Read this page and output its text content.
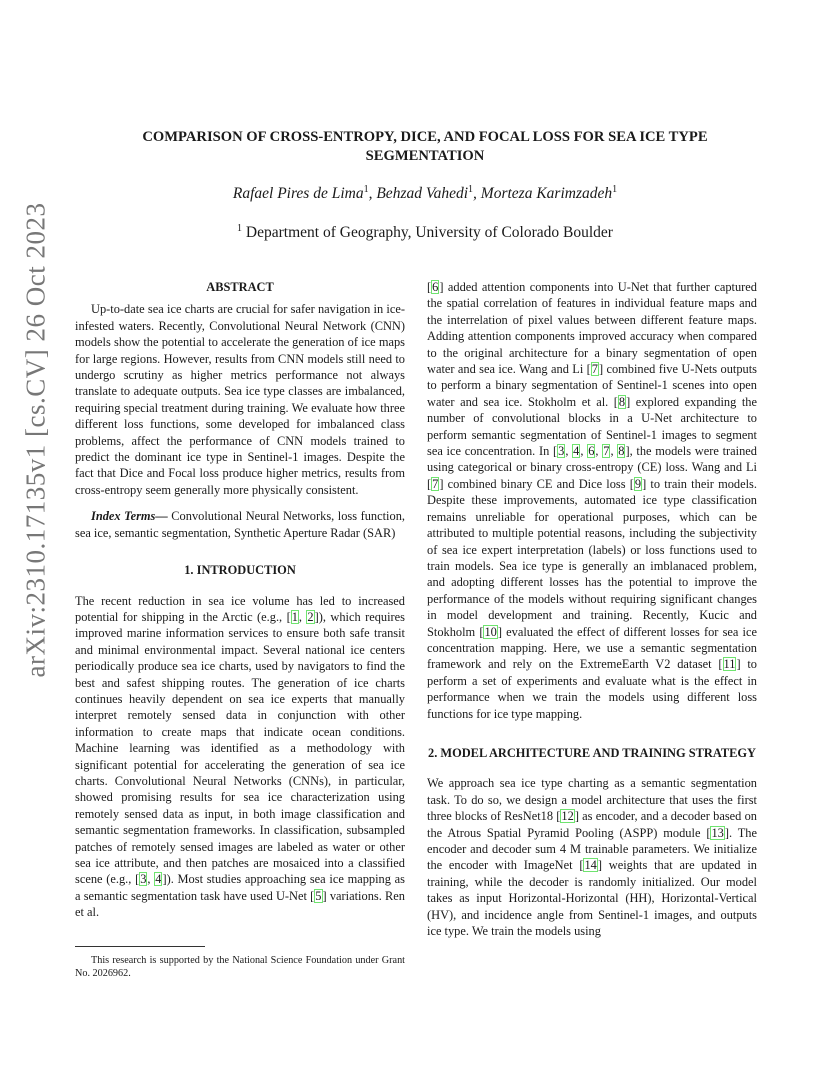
arXiv:2310.17135v1 [cs.CV] 26 Oct 2023
COMPARISON OF CROSS-ENTROPY, DICE, AND FOCAL LOSS FOR SEA ICE TYPE
SEGMENTATION
Rafael Pires de Lima$^1$, Behzad Vahedi$^1$, Morteza Karimzadeh$^1$
$^1$ Department of Geography, University of Colorado Boulder

ABSTRACT

Up-to-date sea ice charts are crucial for safer navigation in ice-infested waters. Recently, Convolutional Neural Network (CNN) models show the potential to accelerate the generation of ice maps for large regions. However, results from CNN models still need to undergo scrutiny as higher metrics performance not always translate to adequate outputs. Sea ice type classes are imbalanced, requiring special treatment during training. We evaluate how three different loss functions, some developed for imbalanced class problems, affect the performance of CNN models trained to predict the dominant ice type in Sentinel-1 images. Despite the fact that Dice and Focal loss produce higher metrics, results from cross-entropy seem generally more physically consistent.

Index Terms— Convolutional Neural Networks, loss function, sea ice, semantic segmentation, Synthetic Aperture Radar (SAR)

1. INTRODUCTION

The recent reduction in sea ice volume has led to increased potential for shipping in the Arctic (e.g., [1, 2]), which requires improved marine information services to ensure both safe transit and minimal environmental impact. Several national ice centers periodically produce sea ice charts, used by navigators to find the best and safest shipping routes. The generation of ice charts continues heavily dependent on sea ice experts that manually interpret remotely sensed data in conjunction with other information to create maps that indicate ocean conditions. Machine learning was identified as a methodology with significant potential for accelerating the generation of sea ice charts. Convolutional Neural Networks (CNNs), in particular, showed promising results for sea ice characterization using remotely sensed data as input, in both image classification and semantic segmentation frameworks. In classification, subsampled patches of remotely sensed images are labeled as water or other sea ice attribute, and then patches are mosaiced into a classified scene (e.g., [3, 4]). Most studies approaching sea ice mapping as a semantic segmentation task have used U-Net [5] variations. Ren et al.

This research is supported by the National Science Foundation under Grant No. 2026962.

[6] added attention components into U-Net that further captured the spatial correlation of features in individual feature maps and the interrelation of pixel values between different feature maps. Adding attention components improved accuracy when compared to the original architecture for a binary segmentation of open water and sea ice. Wang and Li [7] combined five U-Nets outputs to perform a binary segmentation of Sentinel-1 scenes into open water and sea ice. Stokholm et al. [8] explored expanding the number of convolutional blocks in a U-Net architecture to perform semantic segmentation of Sentinel-1 images to segment sea ice concentration. In [3, 4, 6, 7, 8], the models were trained using categorical or binary cross-entropy (CE) loss. Wang and Li [7] combined binary CE and Dice loss [9] to train their models. Despite these improvements, automated ice type classification remains unreliable for operational purposes, which can be attributed to multiple potential reasons, including the subjectivity of sea ice expert interpretation (labels) or loss functions used to train models. Sea ice type is generally an imblanaced problem, and adopting different losses has the potential to improve the performance of the models without requiring significant changes in model development and training. Recently, Kucic and Stokholm [10] evaluated the effect of different losses for sea ice concentration mapping. Here, we use a semantic segmentation framework and rely on the ExtremeEarth V2 dataset [11] to perform a set of experiments and evaluate what is the effect in performance when we train the models using different loss functions for ice type mapping.

2. MODEL ARCHITECTURE AND TRAINING STRATEGY

We approach sea ice type charting as a semantic segmentation task. To do so, we design a model architecture that uses the first three blocks of ResNet18 [12] as encoder, and a decoder based on the Atrous Spatial Pyramid Pooling (ASPP) module [13]. The encoder and decoder sum 4 M trainable parameters. We initialize the encoder with ImageNet [14] weights that are updated in training, while the decoder is randomly initialized. Our model takes as input Horizontal-Horizontal (HH), Horizontal-Vertical (HV), and incidence angle from Sentinel-1 images, and outputs ice type. We train the models using
